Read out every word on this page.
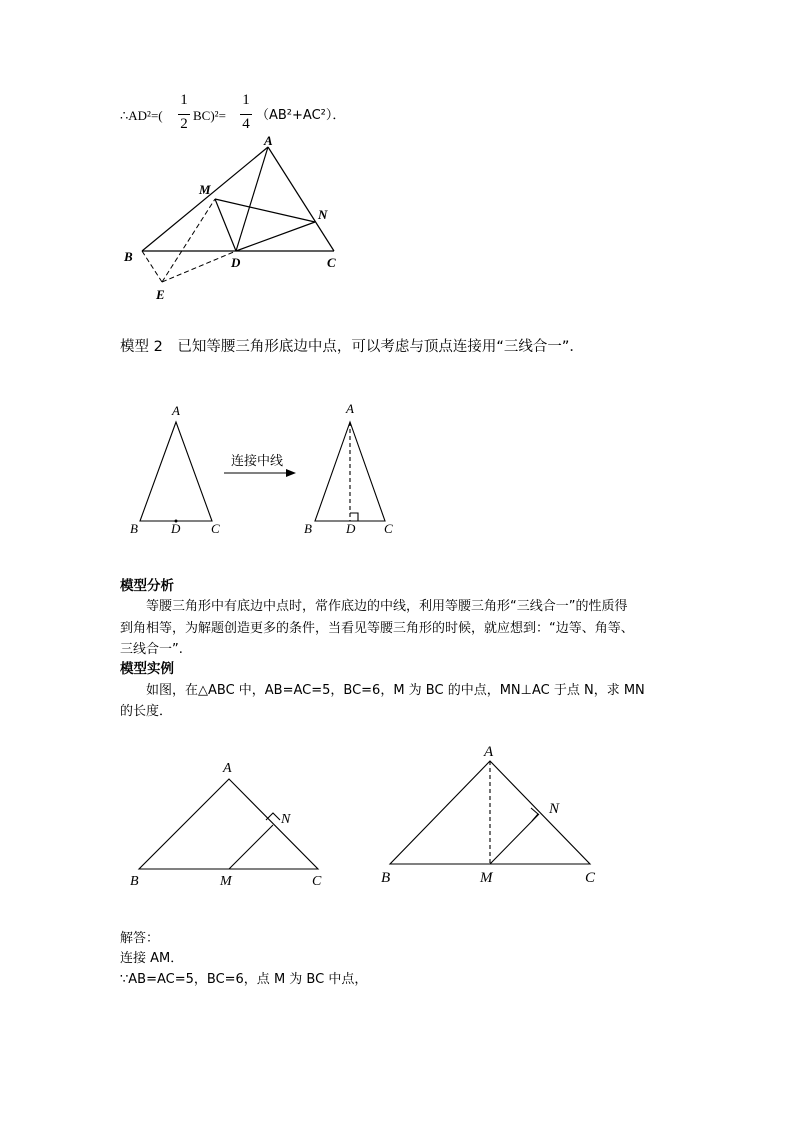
∴AD²=(
1
2
BC)²=
1
4
（AB²+AC²）．
A
M
N
B	D	C
E
模型 2　已知等腰三角形底边中点，可以考虑与顶点连接用“三线合一”．
A
B	D C
连接中线
A
B	D C
模型分析
等腰三角形中有底边中点时，常作底边的中线，利用等腰三角形“三线合一”的性质得
到角相等，为解题创造更多的条件，当看见等腰三角形的时候，就应想到：“边等、角等、
三线合一”.
模型实例
如图，在△ABC 中，AB=AC=5，BC=6，M 为 BC 的中点，MN⊥AC 于点 N，求 MN
的长度．
A
N
B	M	C
A
N
B	M	C
解答：
连接 AM．
∵AB=AC=5，BC=6，点 M 为 BC 中点，
